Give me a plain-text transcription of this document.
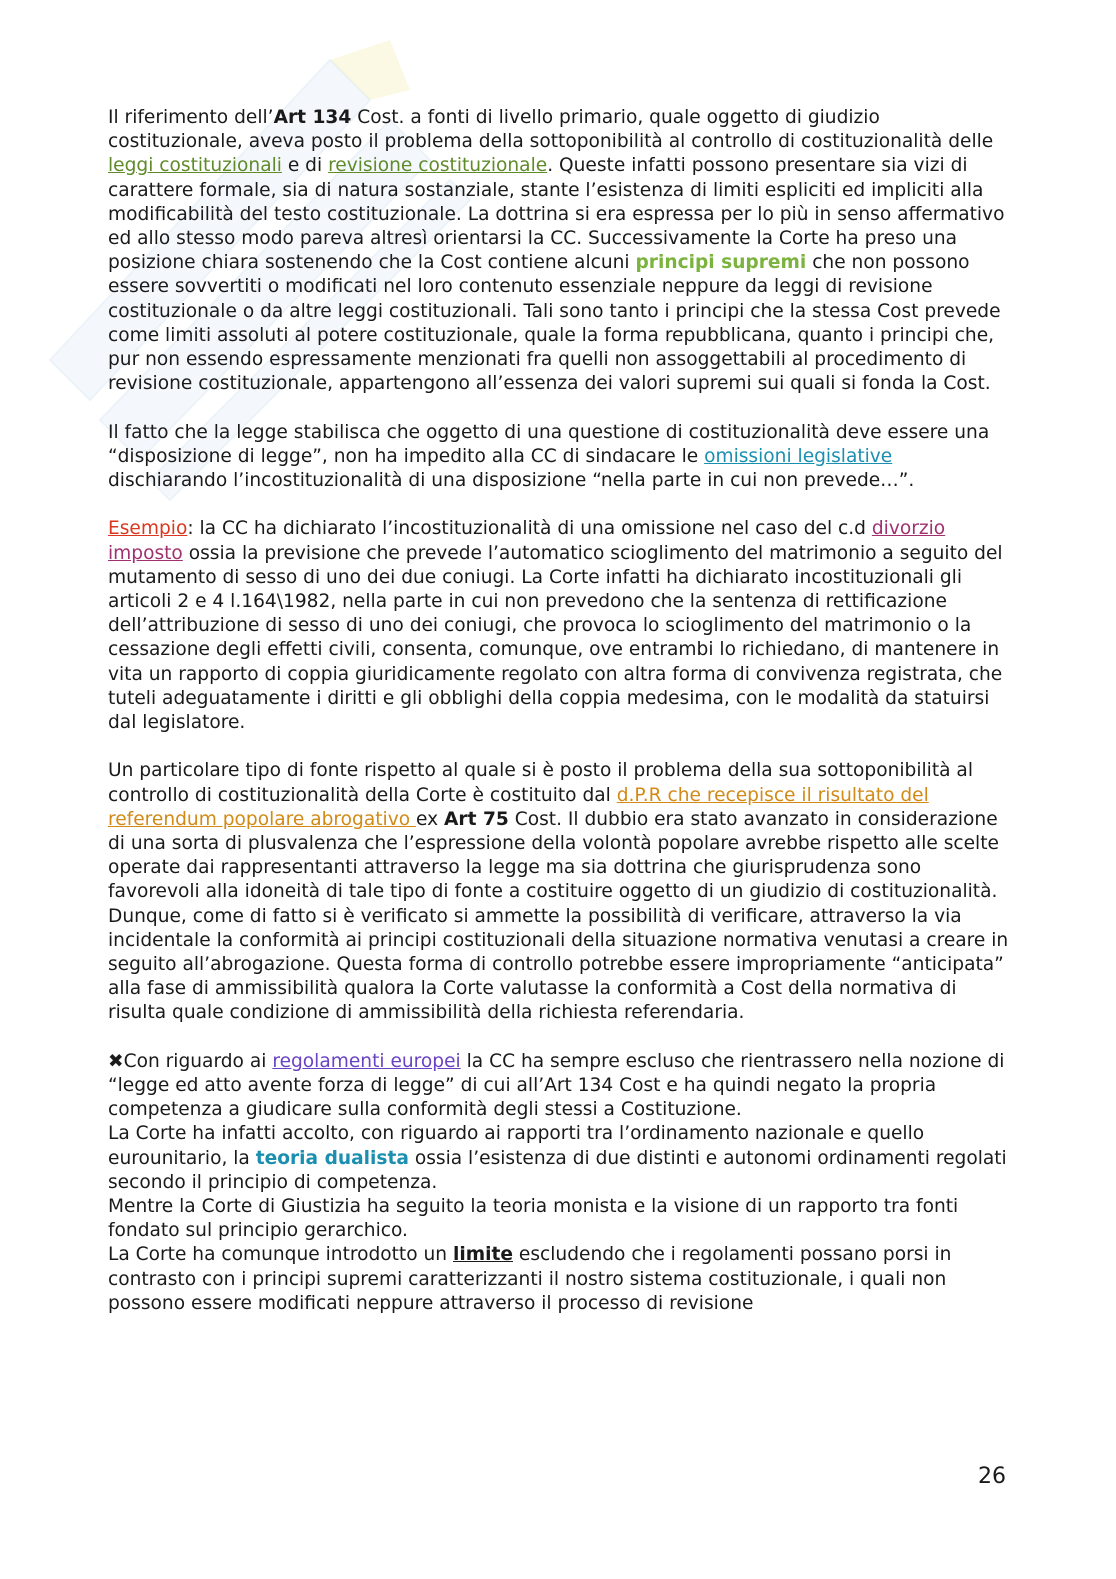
Il riferimento dell’Art 134 Cost. a fonti di livello primario, quale oggetto di giudizio costituzionale, aveva posto il problema della sottoponibilità al controllo di costituzionalità delle leggi costituzionali e di revisione costituzionale. Queste infatti possono presentare sia vizi di carattere formale, sia di natura sostanziale, stante l’esistenza di limiti espliciti ed impliciti alla modificabilità del testo costituzionale. La dottrina si era espressa per lo più in senso affermativo ed allo stesso modo pareva altresì orientarsi la CC. Successivamente la Corte ha preso una posizione chiara sostenendo che la Cost contiene alcuni principi supremi che non possono essere sovvertiti o modificati nel loro contenuto essenziale neppure da leggi di revisione costituzionale o da altre leggi costituzionali. Tali sono tanto i principi che la stessa Cost prevede come limiti assoluti al potere costituzionale, quale la forma repubblicana, quanto i principi che, pur non essendo espressamente menzionati fra quelli non assoggettabili al procedimento di revisione costituzionale, appartengono all’essenza dei valori supremi sui quali si fonda la Cost.

Il fatto che la legge stabilisca che oggetto di una questione di costituzionalità deve essere una “disposizione di legge”, non ha impedito alla CC di sindacare le omissioni legislative dischiarando l’incostituzionalità di una disposizione “nella parte in cui non prevede…”.

Esempio: la CC ha dichiarato l’incostituzionalità di una omissione nel caso del c.d divorzio imposto ossia la previsione che prevede l’automatico scioglimento del matrimonio a seguito del mutamento di sesso di uno dei due coniugi. La Corte infatti ha dichiarato incostituzionali gli articoli 2 e 4 l.164\1982, nella parte in cui non prevedono che la sentenza di rettificazione dell’attribuzione di sesso di uno dei coniugi, che provoca lo scioglimento del matrimonio o la cessazione degli effetti civili, consenta, comunque, ove entrambi lo richiedano, di mantenere in vita un rapporto di coppia giuridicamente regolato con altra forma di convivenza registrata, che tuteli adeguatamente i diritti e gli obblighi della coppia medesima, con le modalità da statuirsi dal legislatore.

Un particolare tipo di fonte rispetto al quale si è posto il problema della sua sottoponibilità al controllo di costituzionalità della Corte è costituito dal d.P.R che recepisce il risultato del referendum popolare abrogativo ex Art 75 Cost. Il dubbio era stato avanzato in considerazione di una sorta di plusvalenza che l’espressione della volontà popolare avrebbe rispetto alle scelte operate dai rappresentanti attraverso la legge ma sia dottrina che giurisprudenza sono favorevoli alla idoneità di tale tipo di fonte a costituire oggetto di un giudizio di costituzionalità.

Dunque, come di fatto si è verificato si ammette la possibilità di verificare, attraverso la via incidentale la conformità ai principi costituzionali della situazione normativa venutasi a creare in seguito all’abrogazione. Questa forma di controllo potrebbe essere impropriamente “anticipata” alla fase di ammissibilità qualora la Corte valutasse la conformità a Cost della normativa di risulta quale condizione di ammissibilità della richiesta referendaria.

✖Con riguardo ai regolamenti europei la CC ha sempre escluso che rientrassero nella nozione di “legge ed atto avente forza di legge” di cui all’Art 134 Cost e ha quindi negato la propria competenza a giudicare sulla conformità degli stessi a Costituzione.

La Corte ha infatti accolto, con riguardo ai rapporti tra l’ordinamento nazionale e quello eurounitario, la teoria dualista ossia l’esistenza di due distinti e autonomi ordinamenti regolati secondo il principio di competenza.

Mentre la Corte di Giustizia ha seguito la teoria monista e la visione di un rapporto tra fonti fondato sul principio gerarchico.

La Corte ha comunque introdotto un limite escludendo che i regolamenti possano porsi in contrasto con i principi supremi caratterizzanti il nostro sistema costituzionale, i quali non possono essere modificati neppure attraverso il processo di revisione

26
